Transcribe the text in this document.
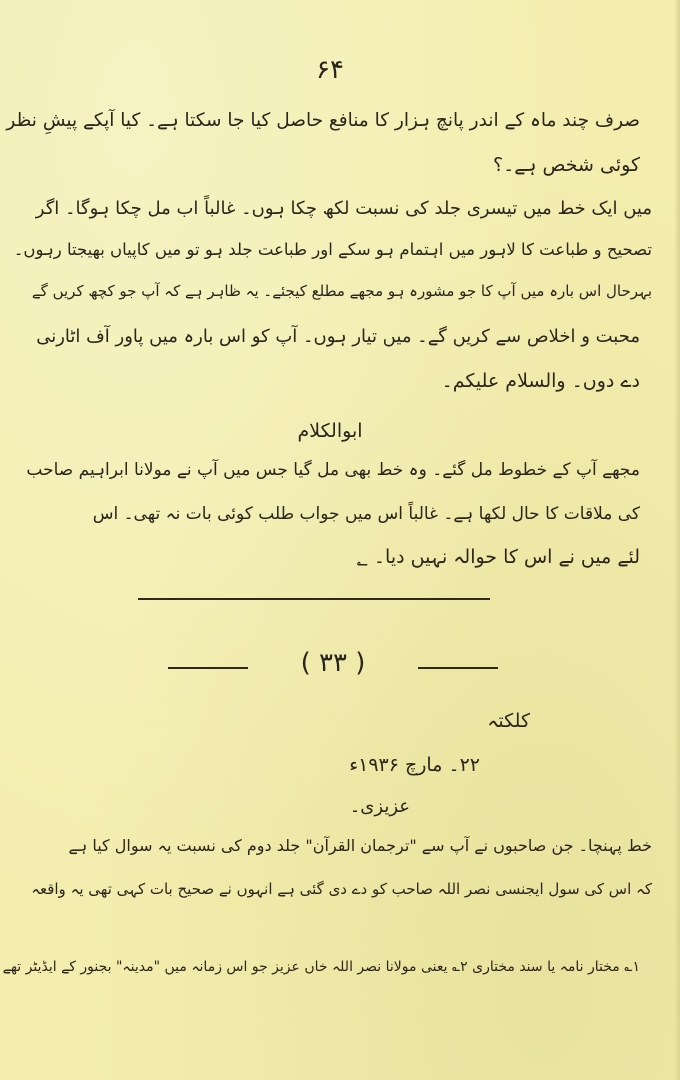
۶۴
صرف چند ماہ کے اندر پانچ ہزار کا منافع حاصل کیا جا سکتا ہے۔ کیا آپکے پیشِ نظر
کوئی شخص ہے۔؟
میں ایک خط میں تیسری جلد کی نسبت لکھ چکا ہوں۔ غالباً اب مل چکا ہوگا۔ اگر
تصحیح و طباعت کا لاہور میں اہتمام ہو سکے اور طباعت جلد ہو تو میں کاپیاں بھیجتا رہوں۔
بہرحال اس بارہ میں آپ کا جو مشورہ ہو مجھے مطلع کیجئے۔ یہ ظاہر ہے کہ آپ جو کچھ کریں گے
محبت و اخلاص سے کریں گے۔ میں تیار ہوں۔ آپ کو اس بارہ میں پاور آف اٹارنی
دے دوں۔ والسلام علیکم۔
ابوالکلام
مجھے آپ کے خطوط مل گئے۔ وہ خط بھی مل گیا جس میں آپ نے مولانا ابراہیم صاحب
کی ملاقات کا حال لکھا ہے۔ غالباً اس میں جواب طلب کوئی بات نہ تھی۔ اس
لئے میں نے اس کا حوالہ نہیں دیا۔ ؂
( ۳۳ )
کلکتہ
۲۲۔ مارچ ۱۹۳۶ء
عزیزی۔
خط پہنچا۔ جن صاحبوں نے آپ سے "ترجمان القرآن" جلد دوم کی نسبت یہ سوال کیا ہے
کہ اس کی سول ایجنسی نصر اللہ صاحب کو دے دی گئی ہے انہوں نے صحیح بات کہی تھی یہ واقعہ
۱؎ مختار نامہ یا سند مختاری ۲؎ یعنی مولانا نصر اللہ خاں عزیز جو اس زمانہ میں "مدینہ" بجنور کے ایڈیٹر تھے
